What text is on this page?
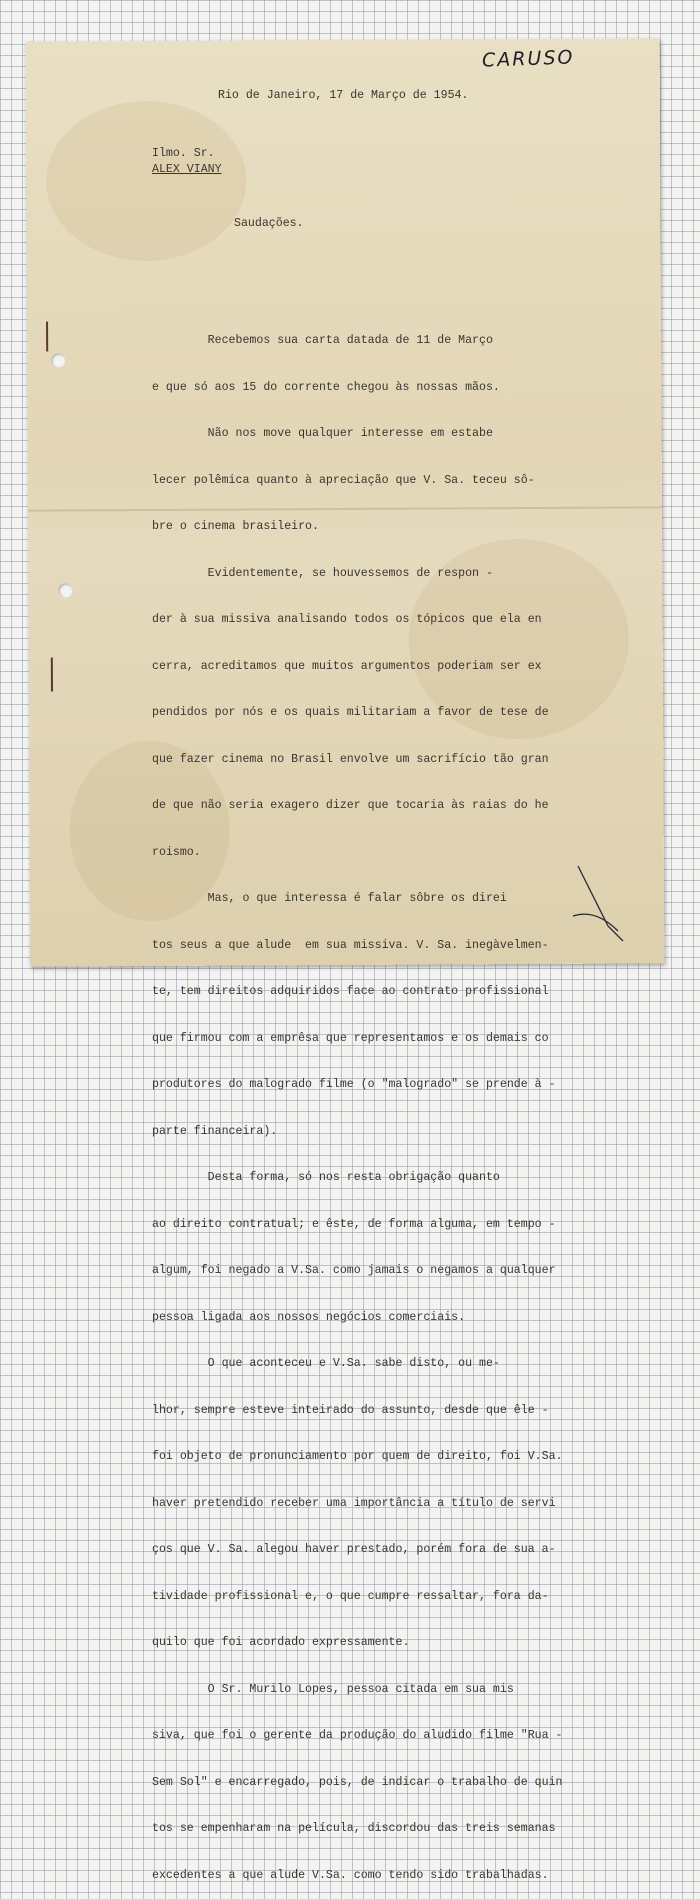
CARUSO
Rio de Janeiro, 17 de Março de 1954.
Ilmo. Sr.
ALEX VIANY
Saudações.

Recebemos sua carta datada de 11 de Março

e que só aos 15 do corrente chegou às nossas mãos.

Não nos move qualquer interesse em estabe

lecer polêmica quanto à apreciação que V. Sa. teceu sô-

bre o cinema brasileiro.

Evidentemente, se houvessemos de respon -

der à sua missiva analisando todos os tópicos que ela en

cerra, acreditamos que muitos argumentos poderiam ser ex

pendidos por nós e os quais militariam a favor de tese de

que fazer cinema no Brasil envolve um sacrifício tão gran

de que não seria exagero dizer que tocaria às raias do he

roismo.

Mas, o que interessa é falar sôbre os direi

tos seus a que alude  em sua missiva. V. Sa. inegàvelmen-

te, tem direitos adquiridos face ao contrato profissional

que firmou com a emprêsa que representamos e os demais co

produtores do malogrado filme (o "malogrado" se prende à -

parte financeira).

Desta forma, só nos resta obrigação quanto

ao direito contratual; e êste, de forma alguma, em tempo -

algum, foi negado a V.Sa. como jamais o negamos a qualquer

pessoa ligada aos nossos negócios comerciais.

O que aconteceu e V.Sa. sabe disto, ou me-

lhor, sempre esteve inteirado do assunto, desde que êle -

foi objeto de pronunciamento por quem de direito, foi V.Sa.

haver pretendido receber uma importância a título de servi

ços que V. Sa. alegou haver prestado, porém fora de sua a-

tividade profissional e, o que cumpre ressaltar, fora da-

quilo que foi acordado expressamente.

O Sr. Murilo Lopes, pessoa citada em sua mis

siva, que foi o gerente da produção do aludido filme "Rua -

Sem Sol" e encarregado, pois, de indicar o trabalho de quin

tos se empenharam na película, discordou das treis semanas

excedentes a que alude V.Sa. como tendo sido trabalhadas.
